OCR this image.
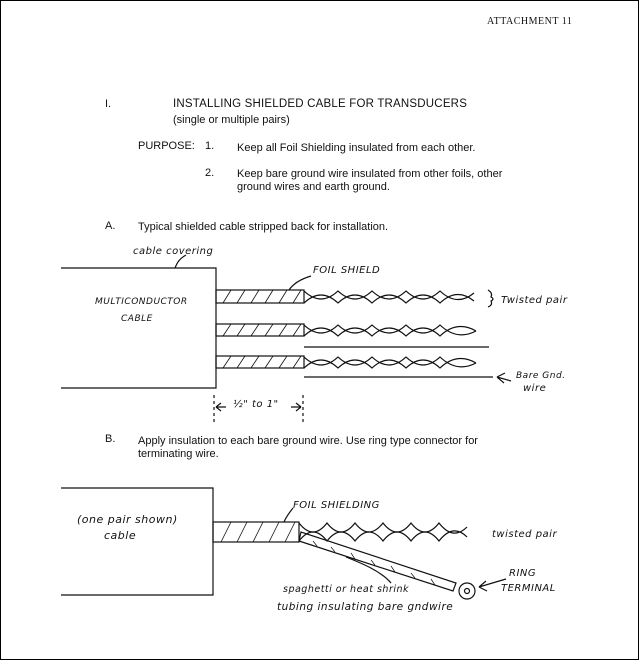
ATTACHMENT 11
I.	INSTALLING SHIELDED CABLE FOR TRANSDUCERS
(single or multiple pairs)
PURPOSE: 1. Keep all Foil Shielding insulated from each other.
2. Keep bare ground wire insulated from other foils, other
ground wires and earth ground.
A. Typical shielded cable stripped back for installation.
cable covering
FOIL SHIELD
MULTICONDUCTOR
CABLE
Twisted pair
Bare Gnd.
wire
½" to 1"
B. Apply insulation to each bare ground wire. Use ring type connector for
terminating wire.
FOIL SHIELDING
(one pair shown)
cable	twisted pair
RING
TERMINAL
spaghetti or heat shrink
tubing insulating bare gndwire
